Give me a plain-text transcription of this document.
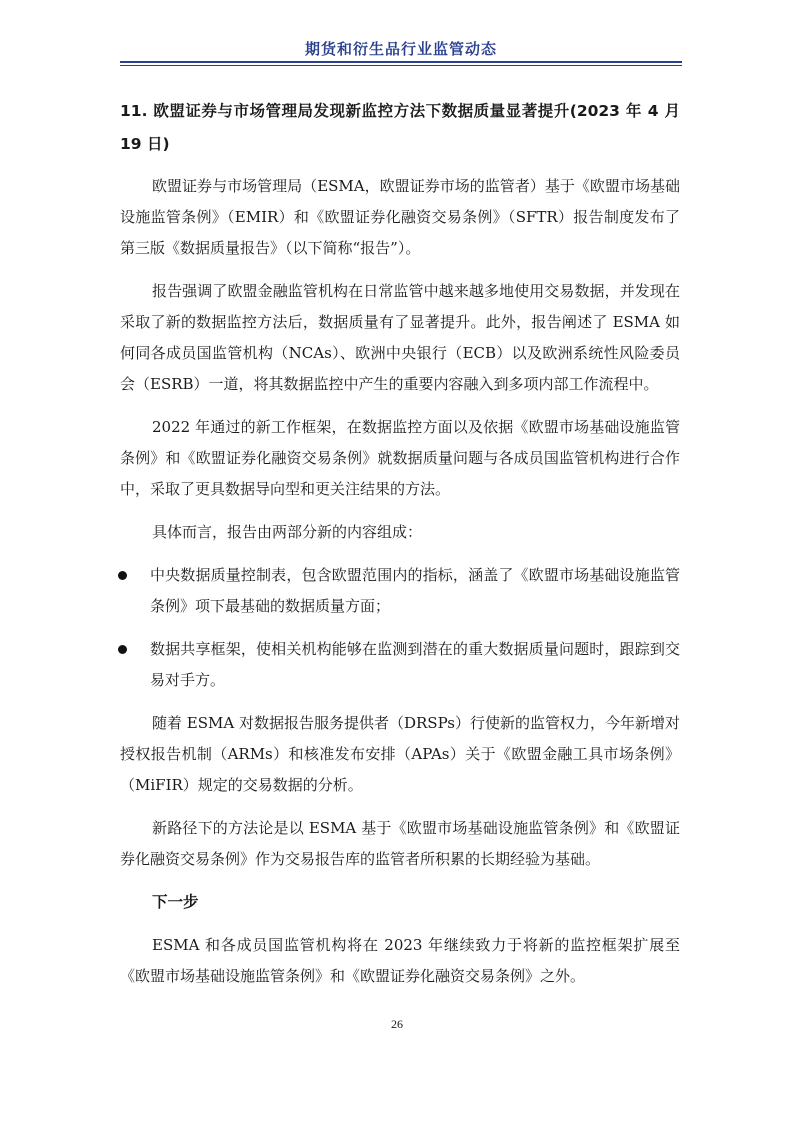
期货和衍生品行业监管动态
11. 欧盟证券与市场管理局发现新监控方法下数据质量显著提升(2023 年 4 月 19 日)

欧盟证券与市场管理局（ESMA，欧盟证券市场的监管者）基于《欧盟市场基础设施监管条例》（EMIR）和《欧盟证券化融资交易条例》（SFTR）报告制度发布了第三版《数据质量报告》（以下简称“报告”）。

报告强调了欧盟金融监管机构在日常监管中越来越多地使用交易数据，并发现在采取了新的数据监控方法后，数据质量有了显著提升。此外，报告阐述了 ESMA 如何同各成员国监管机构（NCAs）、欧洲中央银行（ECB）以及欧洲系统性风险委员会（ESRB）一道，将其数据监控中产生的重要内容融入到多项内部工作流程中。

2022 年通过的新工作框架，在数据监控方面以及依据《欧盟市场基础设施监管条例》和《欧盟证券化融资交易条例》就数据质量问题与各成员国监管机构进行合作中，采取了更具数据导向型和更关注结果的方法。

具体而言，报告由两部分新的内容组成：

中央数据质量控制表，包含欧盟范围内的指标，涵盖了《欧盟市场基础设施监管条例》项下最基础的数据质量方面；
数据共享框架，使相关机构能够在监测到潜在的重大数据质量问题时，跟踪到交易对手方。

随着 ESMA 对数据报告服务提供者（DRSPs）行使新的监管权力，今年新增对授权报告机制（ARMs）和核准发布安排（APAs）关于《欧盟金融工具市场条例》（MiFIR）规定的交易数据的分析。

新路径下的方法论是以 ESMA 基于《欧盟市场基础设施监管条例》和《欧盟证券化融资交易条例》作为交易报告库的监管者所积累的长期经验为基础。

下一步

ESMA 和各成员国监管机构将在 2023 年继续致力于将新的监控框架扩展至《欧盟市场基础设施监管条例》和《欧盟证券化融资交易条例》之外。

26
